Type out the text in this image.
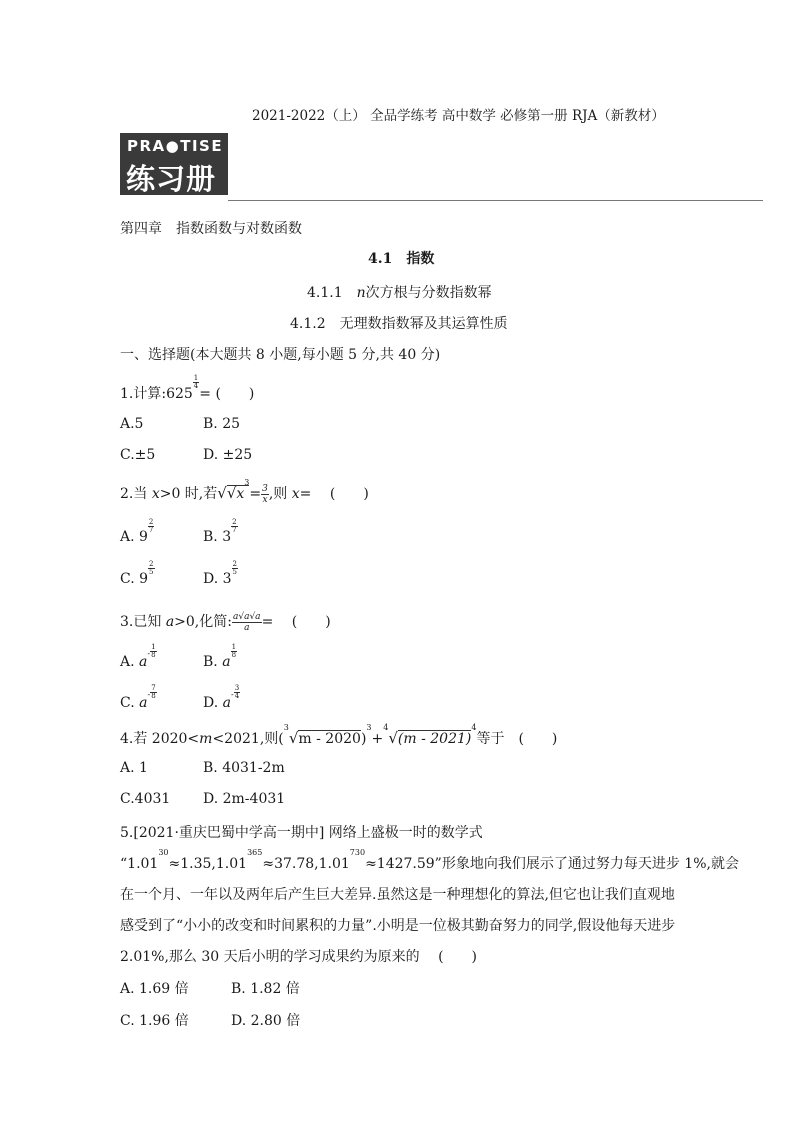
2021-2022（上） 全品学练考 高中数学 必修第一册 RJA（新教材）
PRA●TISE
练习册
第四章　指数函数与对数函数
4.1　指数
4.1.1　n次方根与分数指数幂
4.1.2　无理数指数幂及其运算性质
一、选择题(本大题共 8 小题,每小题 5 分,共 40 分)
1.计算:625
$\frac{1}{4}$
= (　　)
A.5	B. 25
C.±5	D. ±25
2.当 x>0 时,若$√√x^3= \frac{3}{x}$ ,则 x=　 (　　)
A. 9
$\frac{2}{7}$
B. 3
$\frac{2}{7}$
C. 9
$\frac{2}{5}$
D. 3
$\frac{2}{5}$
3.已知 a>0,化简: $\frac{a√a√a}{a}$ =　 (　　)
A. $a^- \frac{1}{8}$
B. a
$\frac{1}{8}$
C. $a^- \frac{7}{8}$
D. $a^- \frac{3}{4}$
4.若 2020<m<2021,则($^3$√m - 2020)$^3$+$^4$√(m - 2021)$^4$等于　(　　)
A. 1	B. 4031-2m
C.4031 D. 2m-4031
5.[2021·重庆巴蜀中学高一期中] 网络上盛极一时的数学式
“$1.01^{30}\approx 1.35,1.01^{365}\approx 37.78,1.01^{730}\approx 1427.59$”形象地向我们展示了通过努力每天进步 1%,就会
在一个月、一年以及两年后产生巨大差异.虽然这是一种理想化的算法,但它也让我们直观地
感受到了“小小的改变和时间累积的力量”.小明是一位极其勤奋努力的同学,假设他每天进步
2.01%,那么 30 天后小明的学习成果约为原来的　 (　　)
A. 1.69 倍	B. 1.82 倍
C. 1.96 倍	D. 2.80 倍
